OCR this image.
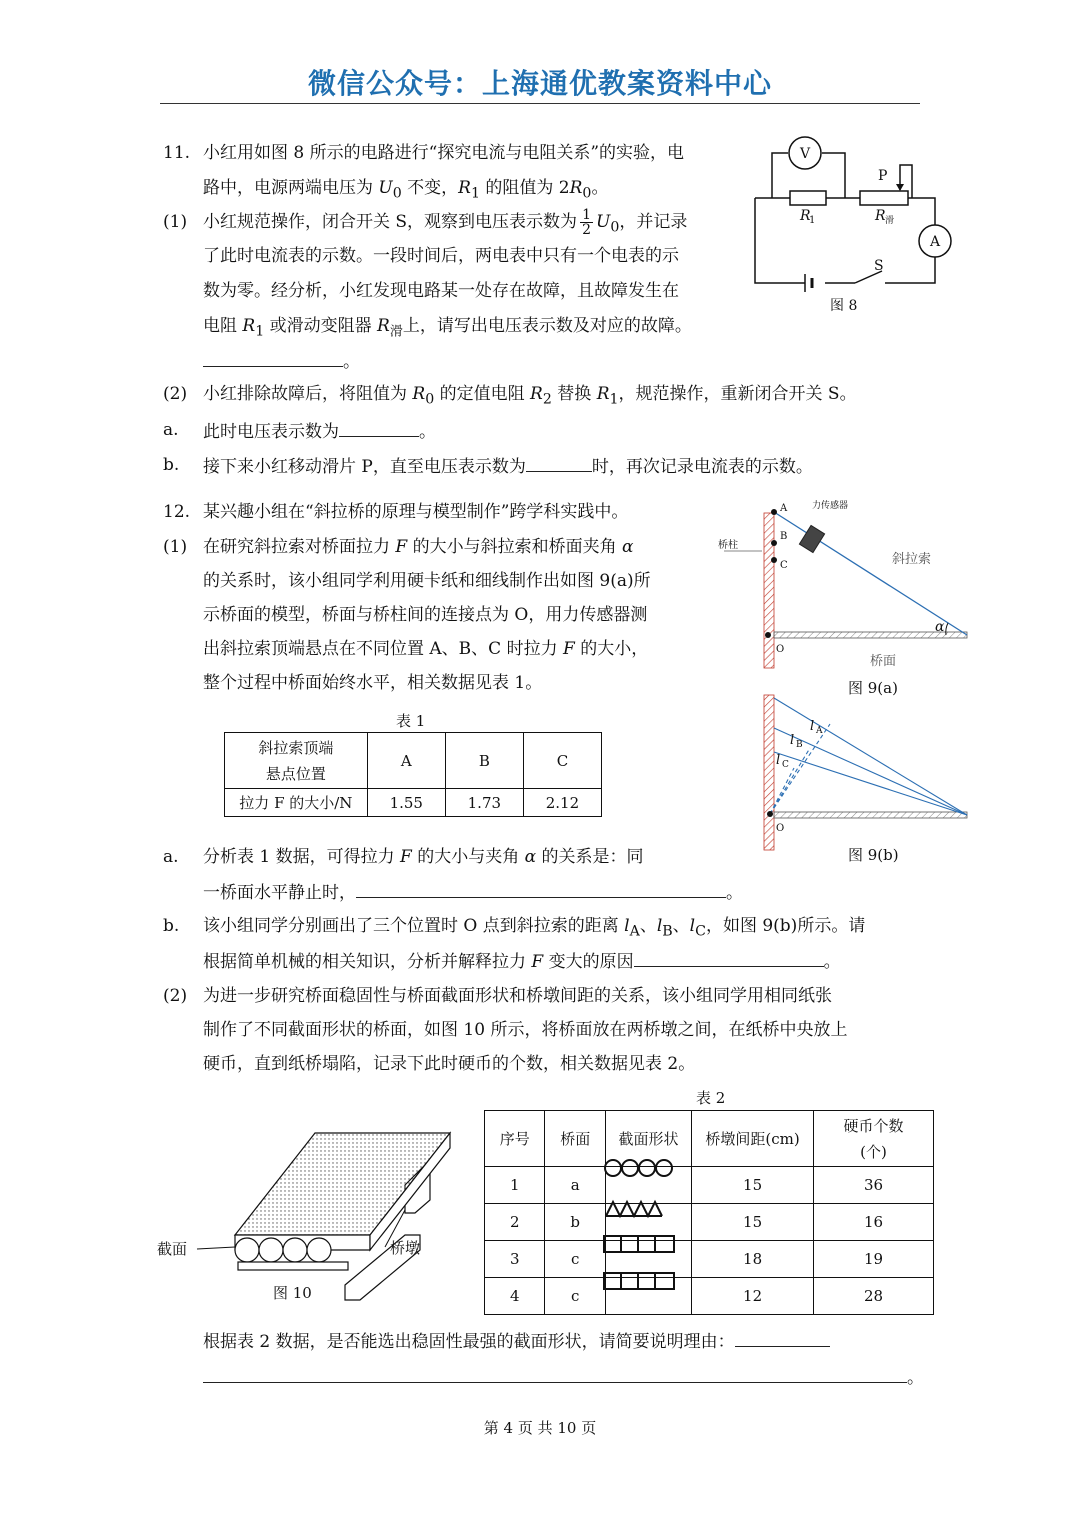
微信公众号：上海通优教案资料中心
11. 小红用如图 8 所示的电路进行“探究电流与电阻关系”的实验，电
路中，电源两端电压为 $U_0$ 不变，$R_1$ 的阻值为 $2R_0$。
(1) 小红规范操作，闭合开关 S，观察到电压表示数为 $\frac{1}{2} U_0$，并记录
了此时电流表的示数。一段时间后，两电表中只有一个电表的示
数为零。经分析，小红发现电路某一处存在故障，且故障发生在
电阻 $R_1$ 或滑动变阻器 $R_滑$上，请写出电压表示数及对应的故障。
。
(2) 小红排除故障后，将阻值为 $R_0$ 的定值电阻 $R_2$ 替换 $R_1$，规范操作，重新闭合开关 S。
a. 此时电压表示数为	。
b. 接下来小红移动滑片 P，直至电压表示数为	时，再次记录电流表的示数。
V
A
P
S
R
1	R 滑
图 8
12. 某兴趣小组在“斜拉桥的原理与模型制作”跨学科实践中。
(1) 在研究斜拉索对桥面拉力 F 的大小与斜拉索和桥面夹角 α
的关系时，该小组同学利用硬卡纸和细线制作出如图 9(a)所
示桥面的模型，桥面与桥柱间的连接点为 O，用力传感器测
出斜拉索顶端悬点在不同位置 A、B、C 时拉力 F 的大小，
整个过程中桥面始终水平，相关数据见表 1。
表 1
斜拉索顶端
悬点位置	A	B	C
拉力 F 的大小/N	1.55	1.73	2.12
a. 分析表 1 数据，可得拉力 F 的大小与夹角 α 的关系是：同
一桥面水平静止时，	。
b. 该小组同学分别画出了三个位置时 O 点到斜拉索的距离 $l_A$、$l_B$、$l_C$，如图 9(b)所示。请
根据简单机械的相关知识，分析并解释拉力 F 变大的原因	。
(2) 为进一步研究桥面稳固性与桥面截面形状和桥墩间距的关系，该小组同学用相同纸张
制作了不同截面形状的桥面，如图 10 所示，将桥面放在两桥墩之间，在纸桥中央放上
硬币，直到纸桥塌陷，记录下此时硬币的个数，相关数据见表 2。
A
B
C
O
力传感器
桥柱
斜拉索
桥面
α
图 9(a)
l A
l B
l C
O
图 9(b)
截面	桥墩
图 10
表 2
序号	桥面	截面形状	桥墩间距(cm)	硬币个数
(个)

1	a		15	36
2	b		15	16
3	c		18	19
4	c		12	28
根据表 2 数据，是否能选出稳固性最强的截面形状，请简要说明理由：
。
第 4 页 共 10 页
